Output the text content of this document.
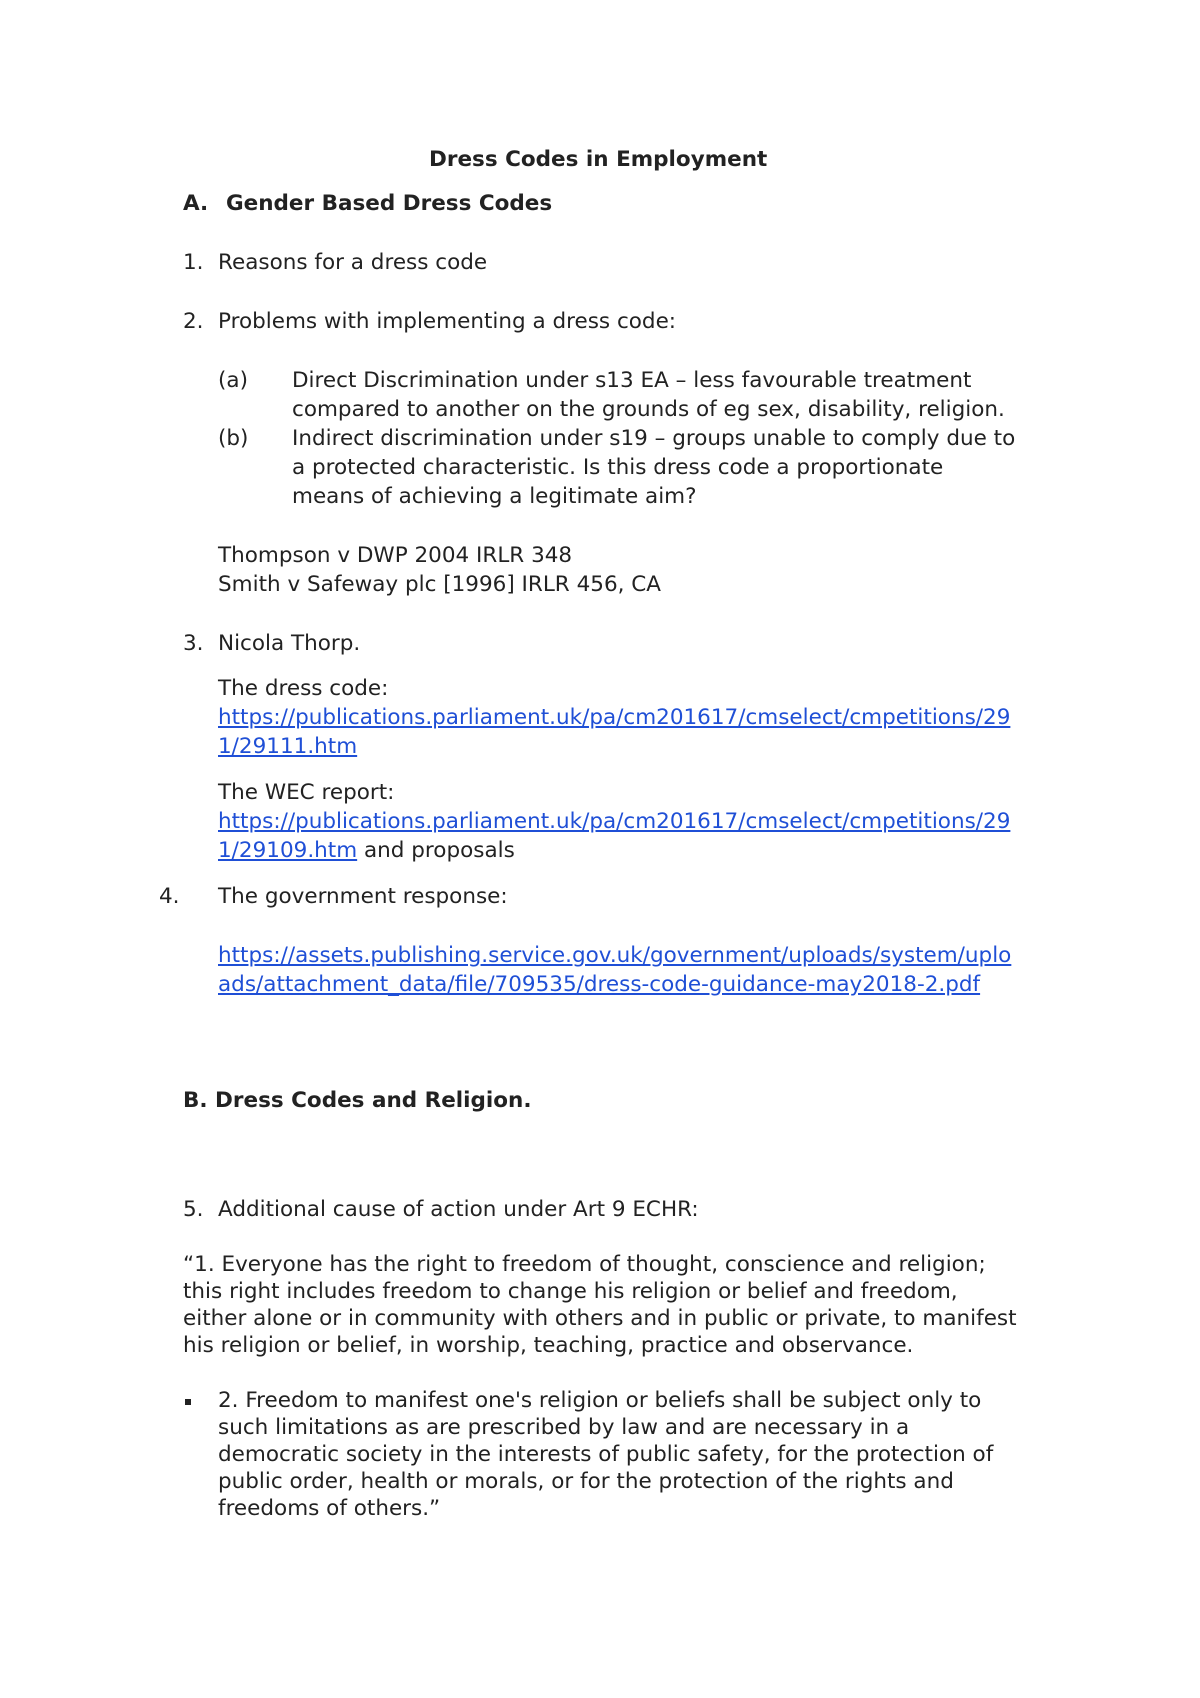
Dress Codes in Employment
A. Gender Based Dress Codes
1. Reasons for a dress code
2. Problems with implementing a dress code:
(a) Direct Discrimination under s13 EA – less favourable treatment
compared to another on the grounds of eg sex, disability, religion.
(b) Indirect discrimination under s19 – groups unable to comply due to
a protected characteristic. Is this dress code a proportionate
means of achieving a legitimate aim?
Thompson v DWP 2004 IRLR 348
Smith v Safeway plc [1996] IRLR 456, CA
3. Nicola Thorp.
The dress code:
https://publications.parliament.uk/pa/cm201617/cmselect/cmpetitions/29
1/29111.htm
The WEC report:
https://publications.parliament.uk/pa/cm201617/cmselect/cmpetitions/29
1/29109.htm and proposals
4. The government response:
https://assets.publishing.service.gov.uk/government/uploads/system/uplo
ads/attachment_data/file/709535/dress-code-guidance-may2018-2.pdf
B. Dress Codes and Religion.
5. Additional cause of action under Art 9 ECHR:
“1. Everyone has the right to freedom of thought, conscience and religion;
this right includes freedom to change his religion or belief and freedom,
either alone or in community with others and in public or private, to manifest
his religion or belief, in worship, teaching, practice and observance.
2. Freedom to manifest one's religion or beliefs shall be subject only to
such limitations as are prescribed by law and are necessary in a
democratic society in the interests of public safety, for the protection of
public order, health or morals, or for the protection of the rights and
freedoms of others.”
